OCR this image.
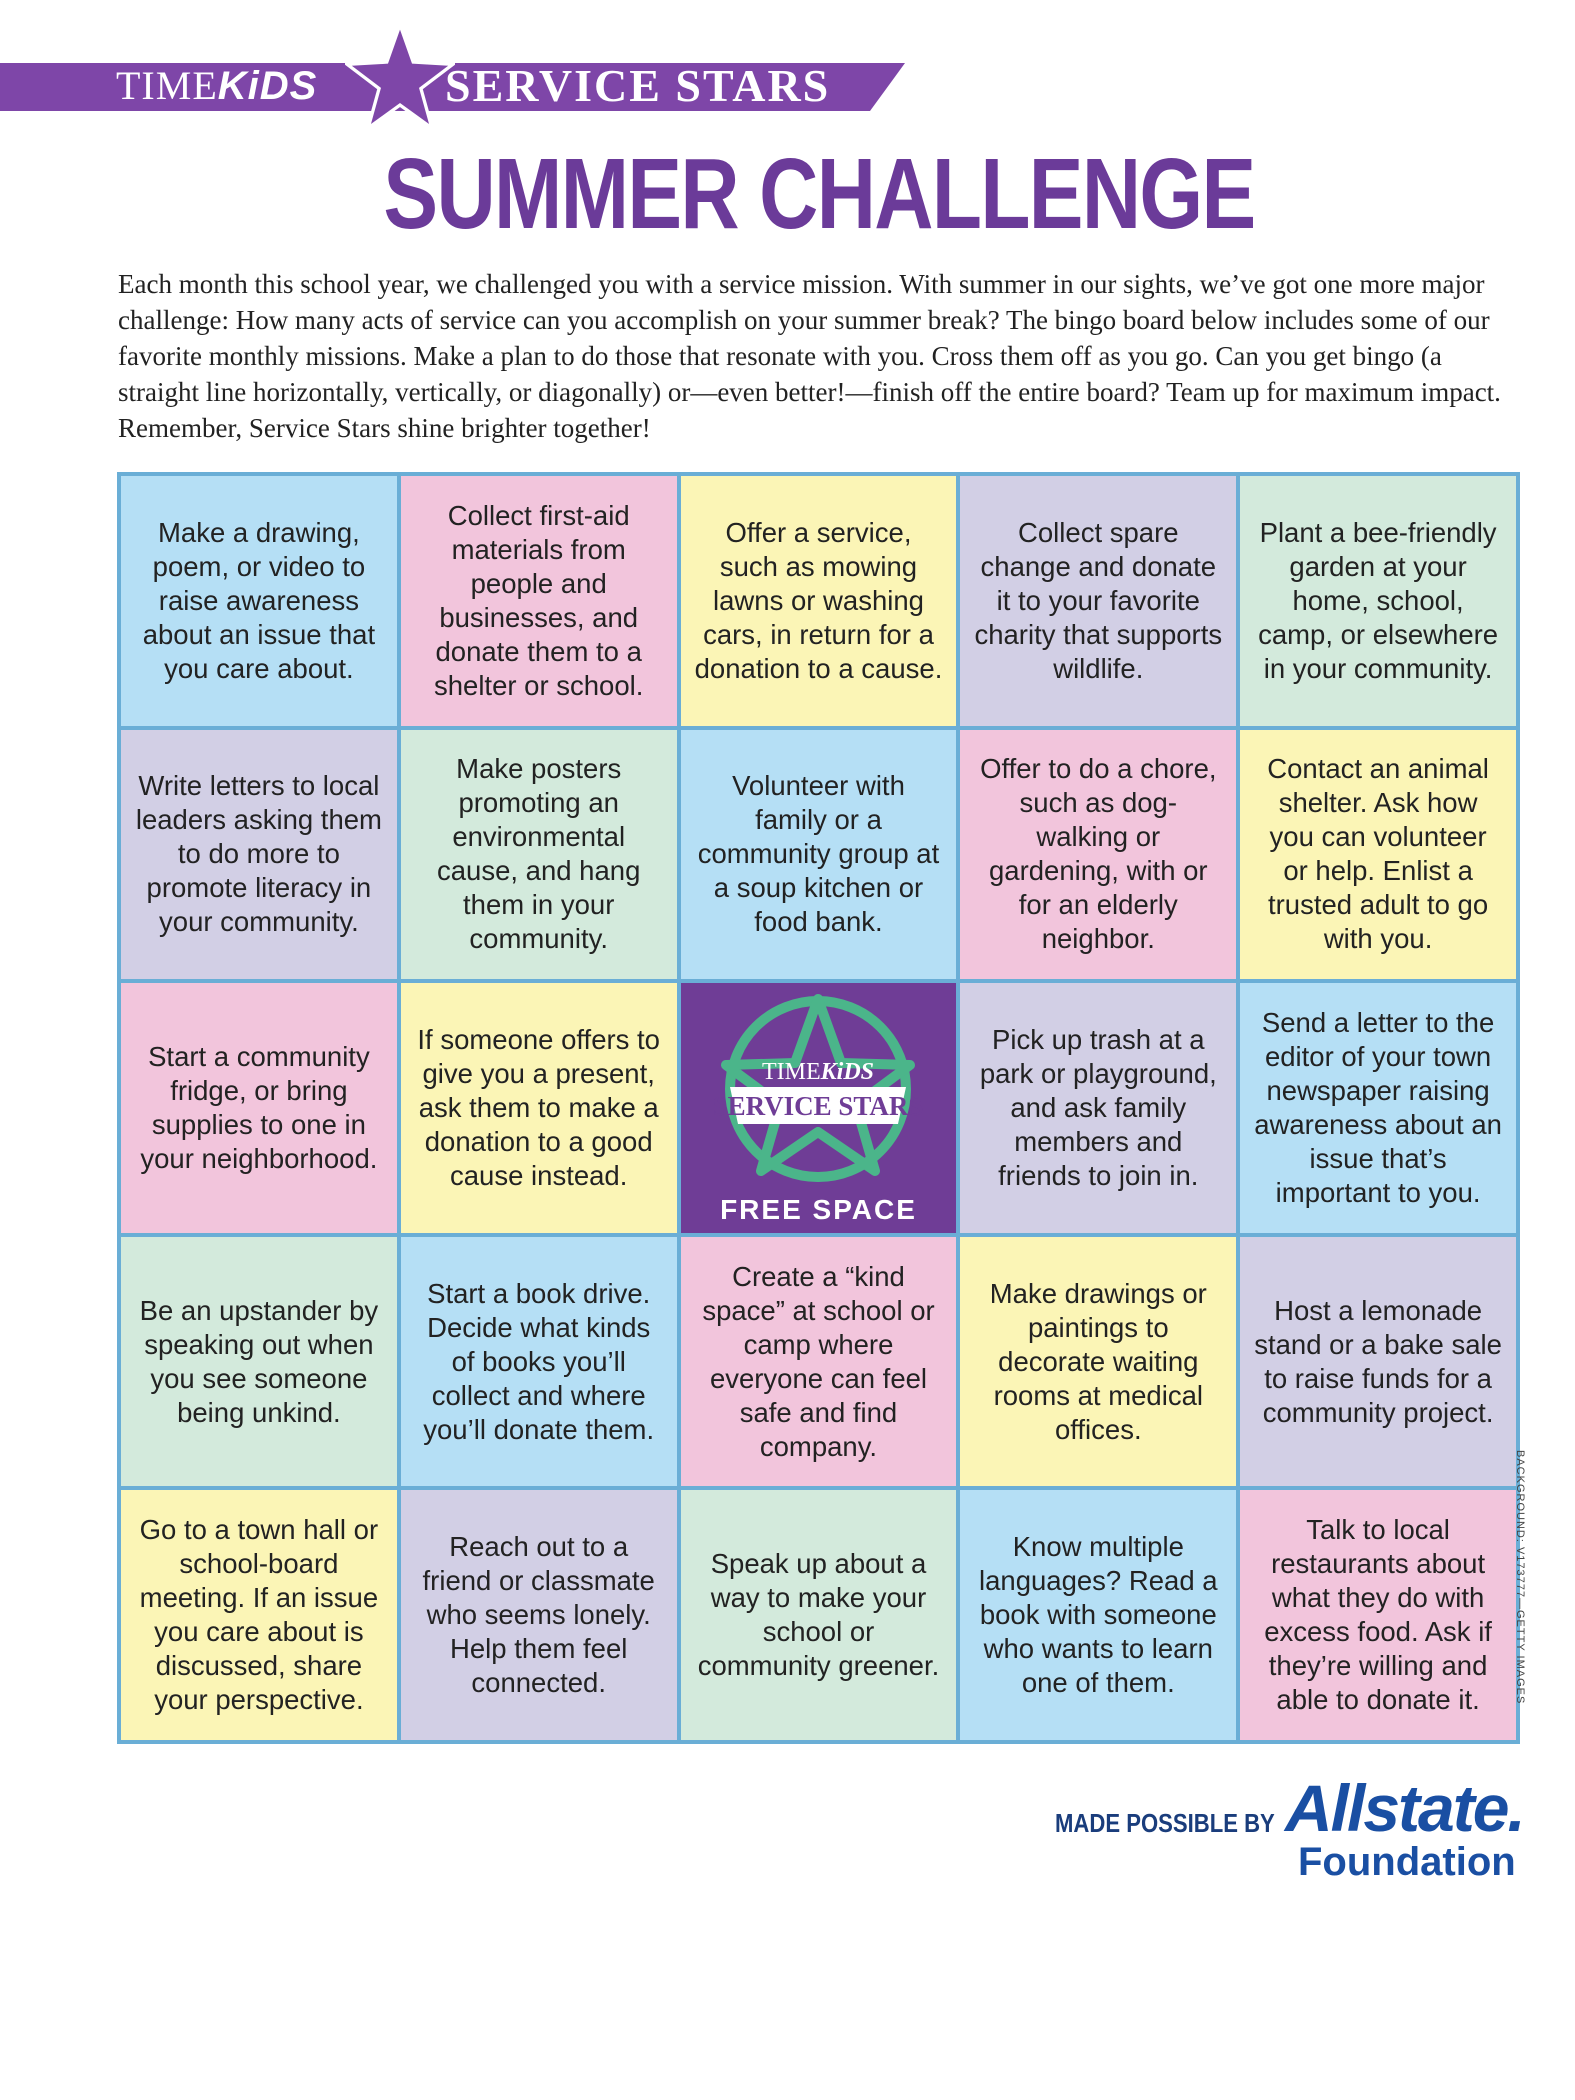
TIMEKiDS	SERVICE STARS
SUMMER CHALLENGE
Each month this school year, we challenged you with a service mission. With summer in our sights, we’ve got one more major challenge: How many acts of service can you accomplish on your summer break? The bingo board below includes some of our favorite monthly missions. Make a plan to do those that resonate with you. Cross them off as you go. Can you get bingo (a straight line horizontally, vertically, or diagonally) or—even better!—finish off the entire board? Team up for maximum impact. Remember, Service Stars shine brighter together!
Make a drawing, poem, or video to raise awareness about an issue that you care about.
Collect first-aid materials from people and businesses, and donate them to a shelter or school.
Offer a service, such as mowing lawns or washing cars, in return for a donation to a cause.
Collect spare change and donate it to your favorite charity that supports wildlife.
Plant a bee-friendly garden at your home, school, camp, or elsewhere in your community.
Write letters to local leaders asking them to do more to promote literacy in your community.
Make posters promoting an environmental cause, and hang them in your community.
Volunteer with family or a community group at a soup kitchen or food bank.
Offer to do a chore, such as dog-walking or gardening, with or for an elderly neighbor.
Contact an animal shelter. Ask how you can volunteer or help. Enlist a trusted adult to go with you.
Start a community fridge, or bring supplies to one in your neighborhood.
If someone offers to give you a present, ask them to make a donation to a good cause instead.
TIMEKiDS
SERVICE STARS
FREE SPACE
Pick up trash at a park or playground, and ask family members and friends to join in.
Send a letter to the editor of your town newspaper raising awareness about an issue that’s important to you.
Be an upstander by speaking out when you see someone being unkind.
Start a book drive. Decide what kinds of books you’ll collect and where you’ll donate them.
Create a “kind space” at school or camp where everyone can feel safe and find company.
Make drawings or paintings to decorate waiting rooms at medical offices.
Host a lemonade stand or a bake sale to raise funds for a community project.
Go to a town hall or school-board meeting. If an issue you care about is discussed, share your perspective.
Reach out to a friend or classmate who seems lonely. Help them feel connected.
Speak up about a way to make your school or community greener.
Know multiple languages? Read a book with someone who wants to learn one of them.
Talk to local restaurants about what they do with excess food. Ask if they’re willing and able to donate it.	BACKGROUND: V173777—GETTY IMAGES
MADE POSSIBLE BY Allstate.
Foundation
